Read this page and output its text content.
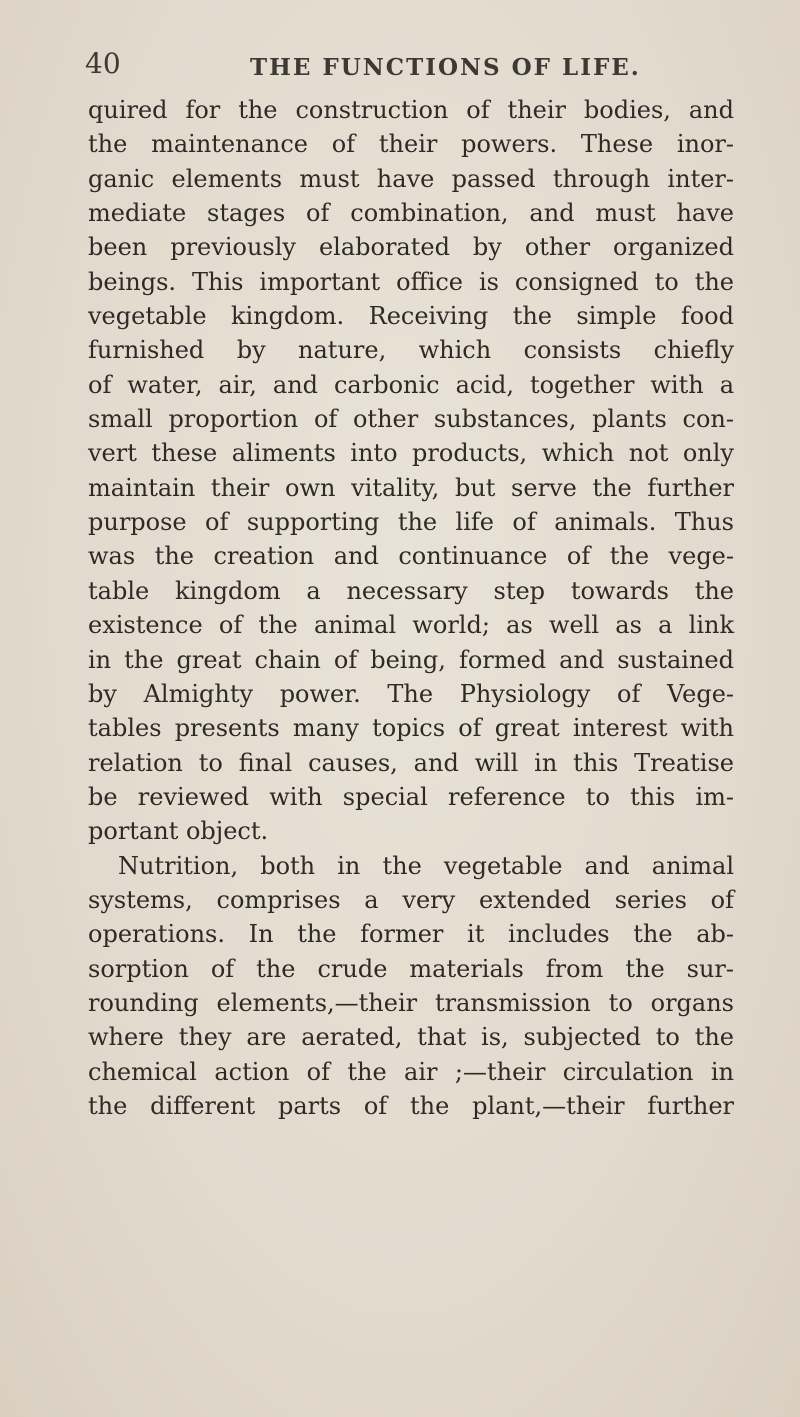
40	THE FUNCTIONS OF LIFE.
quired for the construction of their bodies, and
the maintenance of their powers. These inor-
ganic elements must have passed through inter-
mediate stages of combination, and must have
been previously elaborated by other organized
beings. This important office is consigned to the
vegetable kingdom. Receiving the simple food
furnished by nature, which consists chiefly
of water, air, and carbonic acid, together with a
small proportion of other substances, plants con-
vert these aliments into products, which not only
maintain their own vitality, but serve the further
purpose of supporting the life of animals. Thus
was the creation and continuance of the vege-
table kingdom a necessary step towards the
existence of the animal world; as well as a link
in the great chain of being, formed and sustained
by Almighty power. The Physiology of Vege-
tables presents many topics of great interest with
relation to final causes, and will in this Treatise
be reviewed with special reference to this im-
portant object.
Nutrition, both in the vegetable and animal
systems, comprises a very extended series of
operations. In the former it includes the ab-
sorption of the crude materials from the sur-
rounding elements,—their transmission to organs
where they are aerated, that is, subjected to the
chemical action of the air ;—their circulation in
the different parts of the plant,—their further
